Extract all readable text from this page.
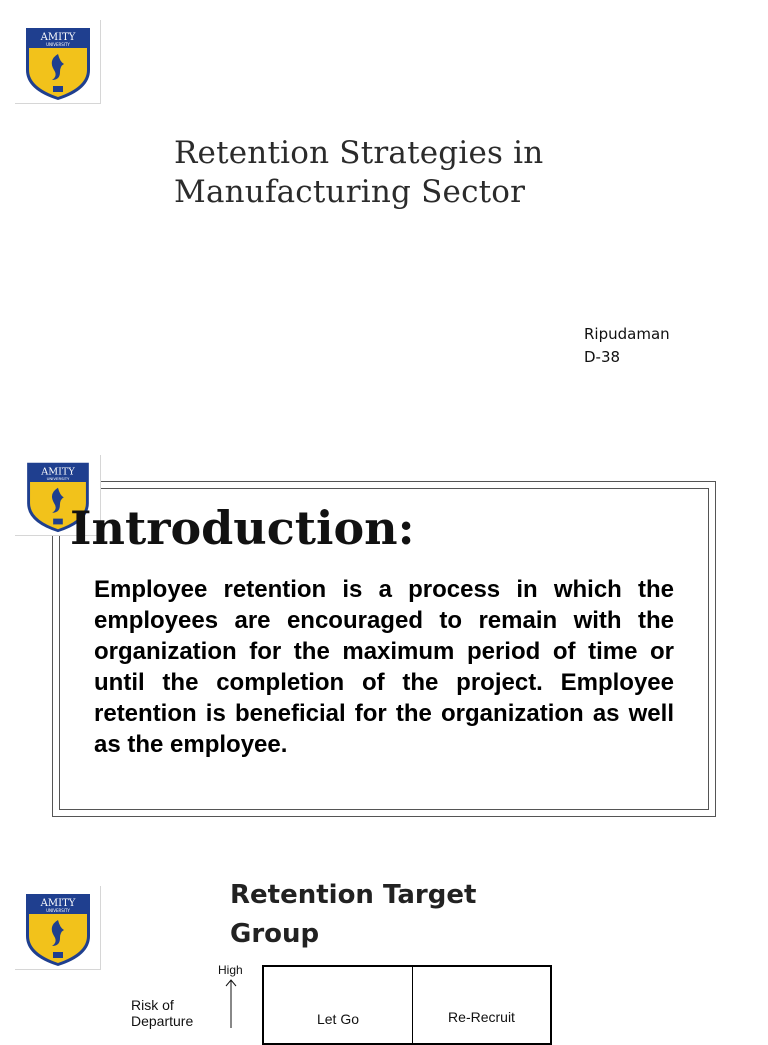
AMITY
UNIVERSITY
Retention Strategies in
Manufacturing Sector
Ripudaman
D-38
AMITY
UNIVERSITY
Introduction:
Employee retention is a process in which the employees are encouraged to remain with the organization for the maximum period of time or until the completion of the project. Employee retention is beneficial for the organization as well as the employee.
AMITY
UNIVERSITY
Retention Target
Group
High
Risk of
Departure	Let Go	Re-Recruit
